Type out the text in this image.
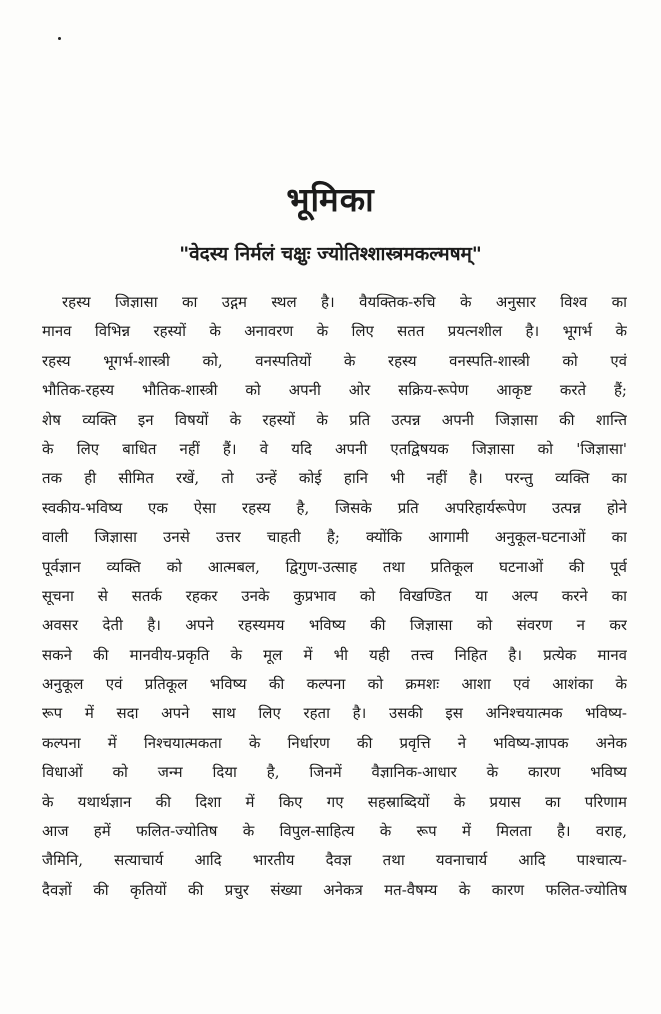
भूमिका
"वेदस्य निर्मलं चक्षुः ज्योतिश्शास्त्रमकल्मषम्"
रहस्य जिज्ञासा का उद्गम स्थल है। वैयक्तिक-रुचि के अनुसार विश्व का
मानव विभिन्न रहस्यों के अनावरण के लिए सतत प्रयत्नशील है। भूगर्भ के
रहस्य भूगर्भ-शास्त्री को, वनस्पतियों के रहस्य वनस्पति-शास्त्री को एवं
भौतिक-रहस्य भौतिक-शास्त्री को अपनी ओर सक्रिय-रूपेण आकृष्ट करते हैं;
शेष व्यक्ति इन विषयों के रहस्यों के प्रति उत्पन्न अपनी जिज्ञासा की शान्ति
के लिए बाधित नहीं हैं। वे यदि अपनी एतद्विषयक जिज्ञासा को 'जिज्ञासा'
तक ही सीमित रखें, तो उन्हें कोई हानि भी नहीं है। परन्तु व्यक्ति का
स्वकीय-भविष्य एक ऐसा रहस्य है, जिसके प्रति अपरिहार्यरूपेण उत्पन्न होने
वाली जिज्ञासा उनसे उत्तर चाहती है; क्योंकि आगामी अनुकूल-घटनाओं का
पूर्वज्ञान व्यक्ति को आत्मबल, द्विगुण-उत्साह तथा प्रतिकूल घटनाओं की पूर्व
सूचना से सतर्क रहकर उनके कुप्रभाव को विखण्डित या अल्प करने का
अवसर देती है। अपने रहस्यमय भविष्य की जिज्ञासा को संवरण न कर
सकने की मानवीय-प्रकृति के मूल में भी यही तत्त्व निहित है। प्रत्येक मानव
अनुकूल एवं प्रतिकूल भविष्य की कल्पना को क्रमशः आशा एवं आशंका के
रूप में सदा अपने साथ लिए रहता है। उसकी इस अनिश्चयात्मक भविष्य-
कल्पना में निश्चयात्मकता के निर्धारण की प्रवृत्ति ने भविष्य-ज्ञापक अनेक
विधाओं को जन्म दिया है, जिनमें वैज्ञानिक-आधार के कारण भविष्य
के यथार्थज्ञान की दिशा में किए गए सहस्राब्दियों के प्रयास का परिणाम
आज हमें फलित-ज्योतिष के विपुल-साहित्य के रूप में मिलता है। वराह,
जैमिनि, सत्याचार्य आदि भारतीय दैवज्ञ तथा यवनाचार्य आदि पाश्चात्य-
दैवज्ञों की कृतियों की प्रचुर संख्या अनेकत्र मत-वैषम्य के कारण फलित-ज्योतिष
